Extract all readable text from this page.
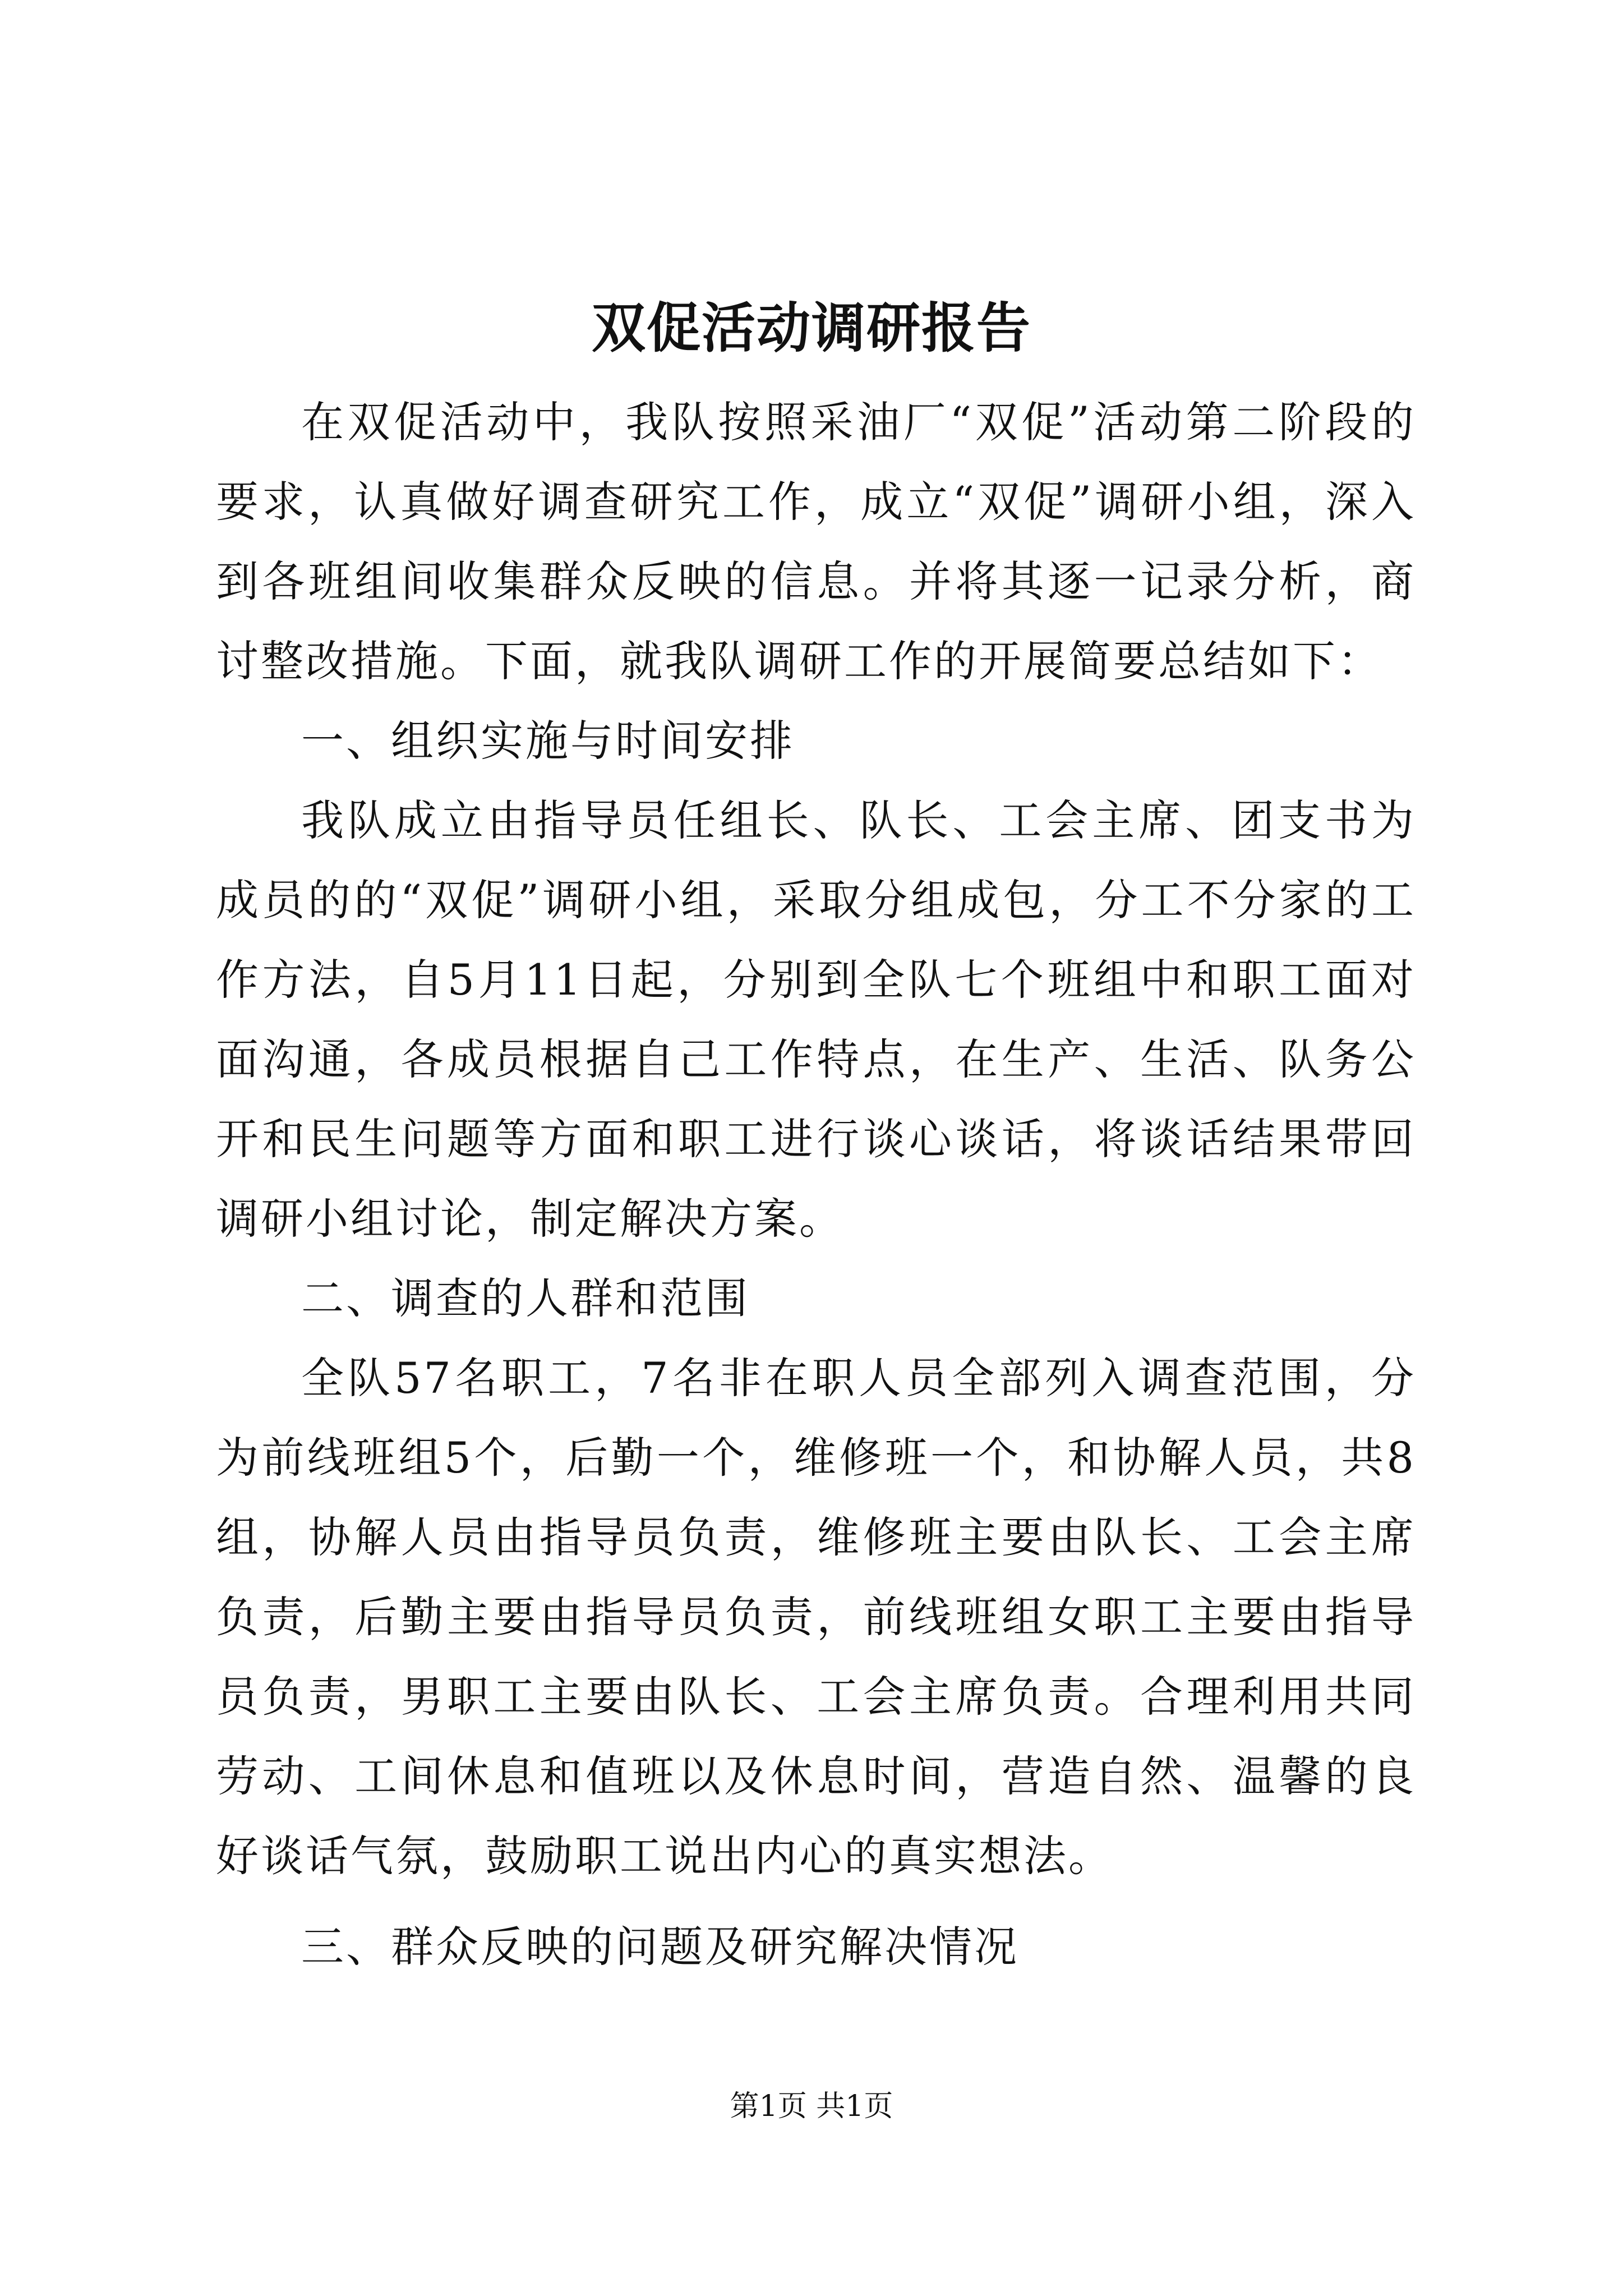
双促活动调研报告

在双促活动中，我队按照采油厂“双促”活动第二阶段的要求，认真做好调查研究工作，成立“双促”调研小组，深入到各班组间收集群众反映的信息。并将其逐一记录分析，商讨整改措施。下面，就我队调研工作的开展简要总结如下：

一、组织实施与时间安排

我队成立由指导员任组长、队长、工会主席、团支书为成员的的“双促”调研小组，采取分组成包，分工不分家的工作方法，自5月11日起，分别到全队七个班组中和职工面对面沟通，各成员根据自己工作特点，在生产、生活、队务公开和民生问题等方面和职工进行谈心谈话，将谈话结果带回调研小组讨论，制定解决方案。

二、调查的人群和范围

全队57名职工，7名非在职人员全部列入调查范围，分为前线班组5个，后勤一个，维修班一个，和协解人员，共8组，协解人员由指导员负责，维修班主要由队长、工会主席负责，后勤主要由指导员负责，前线班组女职工主要由指导员负责，男职工主要由队长、工会主席负责。合理利用共同劳动、工间休息和值班以及休息时间，营造自然、温馨的良好谈话气氛，鼓励职工说出内心的真实想法。

三、群众反映的问题及研究解决情况

第1页 共1页
